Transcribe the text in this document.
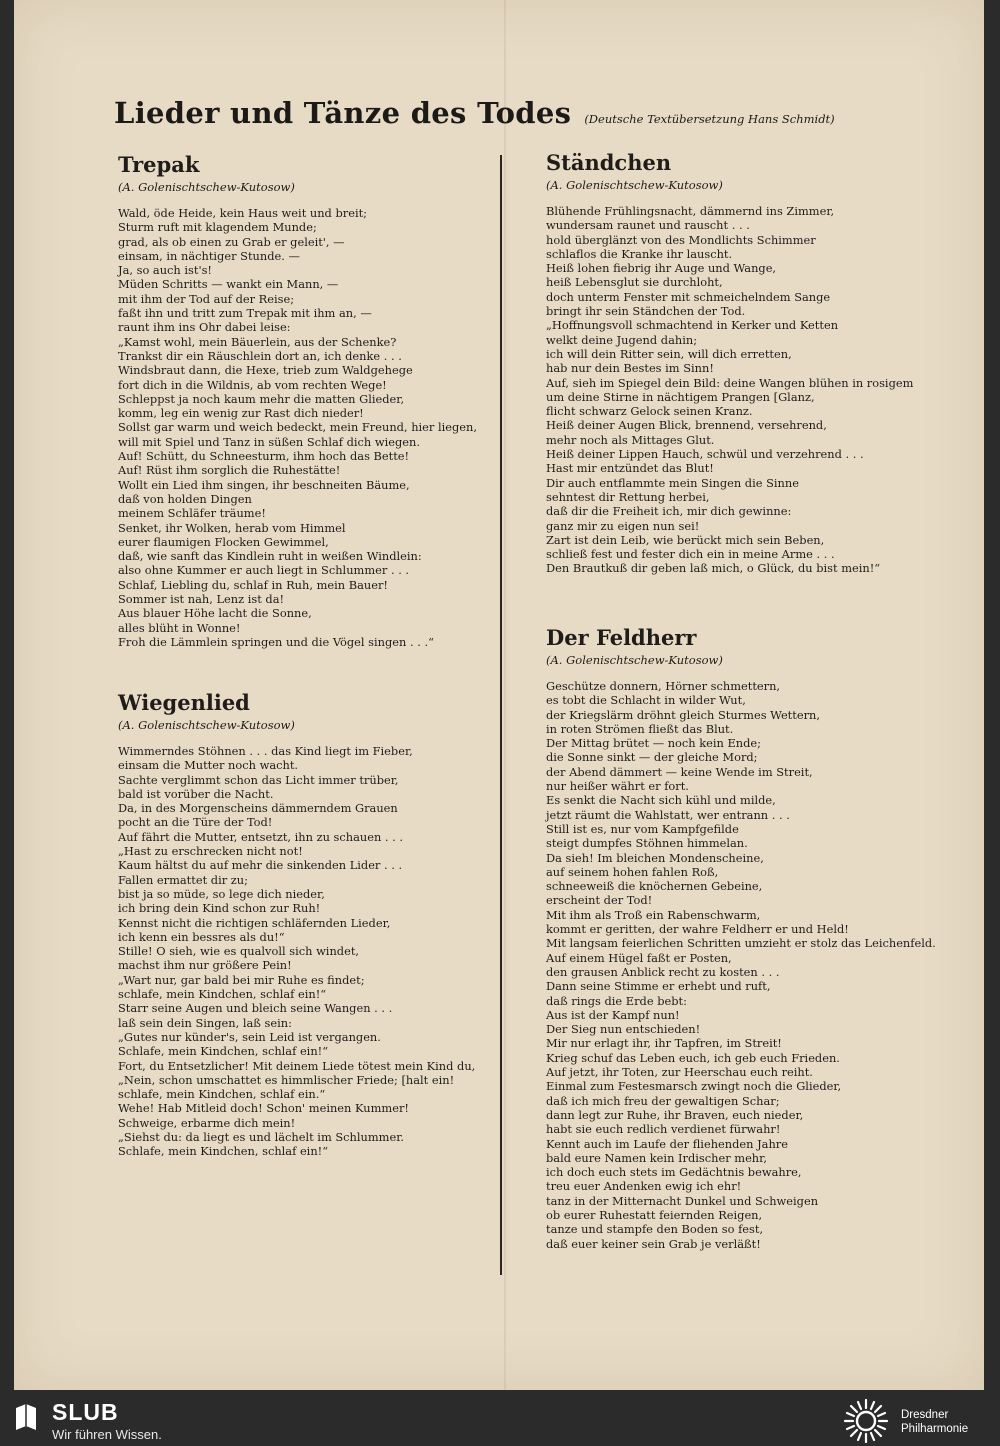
Lieder und Tänze des Todes (Deutsche Textübersetzung Hans Schmidt)
Trepak
(A. Golenischtschew-Kutosow)
Wald, öde Heide, kein Haus weit und breit;
Sturm ruft mit klagendem Munde;
grad, als ob einen zu Grab er geleit', —
einsam, in nächtiger Stunde. —
Ja, so auch ist's!
Müden Schritts — wankt ein Mann, —
mit ihm der Tod auf der Reise;
faßt ihn und tritt zum Trepak mit ihm an, —
raunt ihm ins Ohr dabei leise:
„Kamst wohl, mein Bäuerlein, aus der Schenke?
Trankst dir ein Räuschlein dort an, ich denke . . .
Windsbraut dann, die Hexe, trieb zum Waldgehege
fort dich in die Wildnis, ab vom rechten Wege!
Schleppst ja noch kaum mehr die matten Glieder,
komm, leg ein wenig zur Rast dich nieder!
Sollst gar warm und weich bedeckt, mein Freund, hier liegen,
will mit Spiel und Tanz in süßen Schlaf dich wiegen.
Auf! Schütt, du Schneesturm, ihm hoch das Bette!
Auf! Rüst ihm sorglich die Ruhestätte!
Wollt ein Lied ihm singen, ihr beschneiten Bäume,
daß von holden Dingen
meinem Schläfer träume!
Senket, ihr Wolken, herab vom Himmel
eurer flaumigen Flocken Gewimmel,
daß, wie sanft das Kindlein ruht in weißen Windlein:
also ohne Kummer er auch liegt in Schlummer . . .
Schlaf, Liebling du, schlaf in Ruh, mein Bauer!
Sommer ist nah, Lenz ist da!
Aus blauer Höhe lacht die Sonne,
alles blüht in Wonne!
Froh die Lämmlein springen und die Vögel singen . . .“
Wiegenlied
(A. Golenischtschew-Kutosow)
Wimmerndes Stöhnen . . . das Kind liegt im Fieber,
einsam die Mutter noch wacht.
Sachte verglimmt schon das Licht immer trüber,
bald ist vorüber die Nacht.
Da, in des Morgenscheins dämmerndem Grauen
pocht an die Türe der Tod!
Auf fährt die Mutter, entsetzt, ihn zu schauen . . .
„Hast zu erschrecken nicht not!
Kaum hältst du auf mehr die sinkenden Lider . . .
Fallen ermattet dir zu;
bist ja so müde, so lege dich nieder,
ich bring dein Kind schon zur Ruh!
Kennst nicht die richtigen schläfernden Lieder,
ich kenn ein bessres als du!“
Stille! O sieh, wie es qualvoll sich windet,
machst ihm nur größere Pein!
„Wart nur, gar bald bei mir Ruhe es findet;
schlafe, mein Kindchen, schlaf ein!“
Starr seine Augen und bleich seine Wangen . . .
laß sein dein Singen, laß sein:
„Gutes nur künder's, sein Leid ist vergangen.
Schlafe, mein Kindchen, schlaf ein!“
Fort, du Entsetzlicher! Mit deinem Liede tötest mein Kind du,
„Nein, schon umschattet es himmlischer Friede; [halt ein!
schlafe, mein Kindchen, schlaf ein.“
Wehe! Hab Mitleid doch! Schon' meinen Kummer!
Schweige, erbarme dich mein!
„Siehst du: da liegt es und lächelt im Schlummer.
Schlafe, mein Kindchen, schlaf ein!“
Ständchen
(A. Golenischtschew-Kutosow)
Blühende Frühlingsnacht, dämmernd ins Zimmer,
wundersam raunet und rauscht . . .
hold überglänzt von des Mondlichts Schimmer
schlaflos die Kranke ihr lauscht.
Heiß lohen fiebrig ihr Auge und Wange,
heiß Lebensglut sie durchloht,
doch unterm Fenster mit schmeichelndem Sange
bringt ihr sein Ständchen der Tod.
„Hoffnungsvoll schmachtend in Kerker und Ketten
welkt deine Jugend dahin;
ich will dein Ritter sein, will dich erretten,
hab nur dein Bestes im Sinn!
Auf, sieh im Spiegel dein Bild: deine Wangen blühen in rosigem
um deine Stirne in nächtigem Prangen [Glanz,
flicht schwarz Gelock seinen Kranz.
Heiß deiner Augen Blick, brennend, versehrend,
mehr noch als Mittages Glut.
Heiß deiner Lippen Hauch, schwül und verzehrend . . .
Hast mir entzündet das Blut!
Dir auch entflammte mein Singen die Sinne
sehntest dir Rettung herbei,
daß dir die Freiheit ich, mir dich gewinne:
ganz mir zu eigen nun sei!
Zart ist dein Leib, wie berückt mich sein Beben,
schließ fest und fester dich ein in meine Arme . . .
Den Brautkuß dir geben laß mich, o Glück, du bist mein!“
Der Feldherr
(A. Golenischtschew-Kutosow)
Geschütze donnern, Hörner schmettern,
es tobt die Schlacht in wilder Wut,
der Kriegslärm dröhnt gleich Sturmes Wettern,
in roten Strömen fließt das Blut.
Der Mittag brütet — noch kein Ende;
die Sonne sinkt — der gleiche Mord;
der Abend dämmert — keine Wende im Streit,
nur heißer währt er fort.
Es senkt die Nacht sich kühl und milde,
jetzt räumt die Wahlstatt, wer entrann . . .
Still ist es, nur vom Kampfgefilde
steigt dumpfes Stöhnen himmelan.
Da sieh! Im bleichen Mondenscheine,
auf seinem hohen fahlen Roß,
schneeweiß die knöchernen Gebeine,
erscheint der Tod!
Mit ihm als Troß ein Rabenschwarm,
kommt er geritten, der wahre Feldherr er und Held!
Mit langsam feierlichen Schritten umzieht er stolz das Leichenfeld.
Auf einem Hügel faßt er Posten,
den grausen Anblick recht zu kosten . . .
Dann seine Stimme er erhebt und ruft,
daß rings die Erde bebt:
Aus ist der Kampf nun!
Der Sieg nun entschieden!
Mir nur erlagt ihr, ihr Tapfren, im Streit!
Krieg schuf das Leben euch, ich geb euch Frieden.
Auf jetzt, ihr Toten, zur Heerschau euch reiht.
Einmal zum Festesmarsch zwingt noch die Glieder,
daß ich mich freu der gewaltigen Schar;
dann legt zur Ruhe, ihr Braven, euch nieder,
habt sie euch redlich verdienet fürwahr!
Kennt auch im Laufe der fliehenden Jahre
bald eure Namen kein Irdischer mehr,
ich doch euch stets im Gedächtnis bewahre,
treu euer Andenken ewig ich ehr!
tanz in der Mitternacht Dunkel und Schweigen
ob eurer Ruhestatt feiernden Reigen,
tanze und stampfe den Boden so fest,
daß euer keiner sein Grab je verläßt!
SLUB
Wir führen Wissen.
Dresdner
Philharmonie
